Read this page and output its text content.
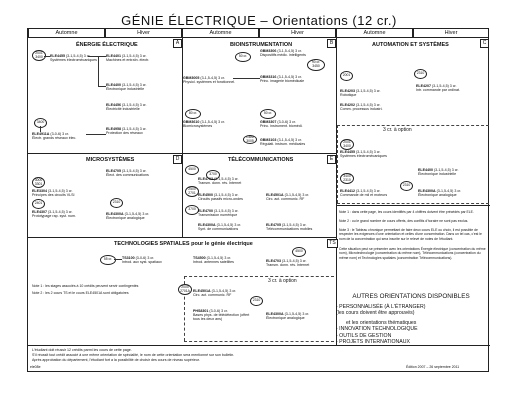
GÉNIE ÉLECTRIQUE – Orientations (12 cr.)
Automne	Hiver	Automne	Hiver	Automne	Hiver
ÉNERGIE ÉLECTRIQUE	A	BIOINSTRUMENTATION	B	AUTOMATION ET SYSTÈMES	C
MICROSYSTÈMES	D	TÉLÉCOMMUNICATIONS	E
TECHNOLOGIES SPATIALES pour le génie électrique	TS
2001 3400	ELE4455 (3-1,5-4,5) 3 cr.
Systèmes électromécaniques
ELE4401 (3-1,5-4,5) 3 cr.
Machines et entraîn. électr.
ELE4400 (3-1,5-4,5) 3 cr.
Électronique industrielle
ELE4456 (3-1,5-4,5) 3 cr.
Électricité industrielle
3400
ELE4911A (3-0-6) 3 cr.
Électr. grands réseaux élec.
ELE4958 (3-1,5-4,5) 3 cr.
Protection des réseaux
50 cr.
GBM3306 (3-1,5-4,5) 3 cr.
Dispositifs médic. intelligents
90 cr. 3450
GBM3005 (3-1,5-4,5) 3 cr.
Physiol. systèmes et fonctionnel.
GBM3316 (3-1,5-4,5) 3 cr.
Princ. imagerie biomédicale
80 cr.
GBM3610 (3-1,5-4,5) 3 cr.
Biomicrosystèmes
50 cr.
GBM3307 (3-0-6) 3 cr.
Princ. instrument. biomédi.
GBM 3005	GBM3103 (3-1,5-4,5) 3 cr.
Régulati. instrum. médicales
2001
ELE4203 (3-1,5-4,5) 3 cr.
Robotique
2310
ELE4207 (3-1,5-4,5) 3 cr.
Intr. commande par ordinat.
ELE4202 (3-1,5-4,5) 3 cr.
Comm. processus industri.
3 cr. à option
2001 3400
ELE4455 (3-1,5-4,5) 3 cr.
Systèmes électromécaniques
ELE4400 (3-1,5-4,5) 3 cr.
Électronique industrielle
3400 2310
ELE4412 (3-1,5-4,5) 3 cr.
Commande de mil et moteurs
2310
ELE4300A (3-1,5-4,5) 3 cr.
Électronique analogique
3000 3301
ELE3304 (3-1,5-4,5) 3 cr.
Principes des circuits VLSI
2401
ELE4307 (3-1,5-4,5) 3 cr.
Prototypage rap. syst. num.
2310
ELE4300A (3-1,5-4,5) 3 cr.
Électronique analogique
ELE4705 (3-1,5-4,5) 3 cr.
Élect. des communications
4500
3700
ELE4703 (3-1,5-4,5) 3 cr.
Transm. donn. rés. Internet
2500 2701
ELE4500 (3-1,5-4,5) 3 cr.
Circuits passifs micro-ondes
ELE4501A (3-1,5-4,5) 3 cr.
Circ. act. communic. RF
3700 ELE4700 (3-1,5-4,5) 3 cr.
Transmission numérique
ELE4300A (3-1,5-4,5) 3 cr.
Synt. de communications
ELE4705 (3-1,5-4,5) 3 cr.
Télécommunications mobiles
Note 1 : dans cette page, les cours identifiés par 4 chiffres doivent être précédés par ELE.
Note 2 : ou le grand nombre de cours offerts, des conflits d'horaire ne sont pas exclus.
Note 3 : le Tableau chronique permettant de faire deux cours ELE ou choix, il est possible de respecter les exigences d'une orientation et celles d'une concentration. Dans un tel cas, c'est le nom de la concentration qui sera inscrite sur le relevé de notes de l'étudiant.
Cette situation peut se présenter avec les orientations Énergie électrique (concentration du même nom), Microtechnologie (concentration du même nom), Télécommunications (concentration du même nom) et Technologies spatiales (concentration Télécommunications).
55 cr.	TS3100 (3-0-6) 3 cr.
Introd. aux syst. spatiaux
TS4500 (3-1,5-4,5) 3 cr.
Introd. antennes satellites
4500
ELE4703 (3-1,5-4,5) 3 cr.
Transm. donn. rés. Internet
3 cr. à option
2000 2701A ELE4501A (3-1,5-4,5) 3 cr.
Circ. act. communic. RF
2310
PHS8301 (3-0-6) 3 cr.
Bases phys. de télédétection (offert tous les deux ans)
ELE4300A (3-1,5-4,5) 3 cr.
Électronique analogique
Note 1 : les stages associés à 10 crédits peuvent servir contingentés
Note 2 : les 2 cours TS et le cours ELE4501A sont obligatoires
L'étudiant doit réussir 12 crédits parmi les cours de cette page.
S'il réussit tout crédit associé à une même orientation de spécialité, le nom de cette orientation sera mentionné sur son bulletin.
Après approbation du département, l'étudiant fort a la possibilité de choisir des cours de niveau supérieur.
ele08e	Édition 2007 – 26 septembre 2011
AUTRES ORIENTATIONS DISPONIBLES
- PERSONNALISÉE (À L'ÉTRANGER)
(les cours doivent être approuvés)
et les orientations thématiques
- INNOVATION TECHNOLOGIQUE
- OUTILS DE GESTION
- PROJETS INTERNATIONAUX
